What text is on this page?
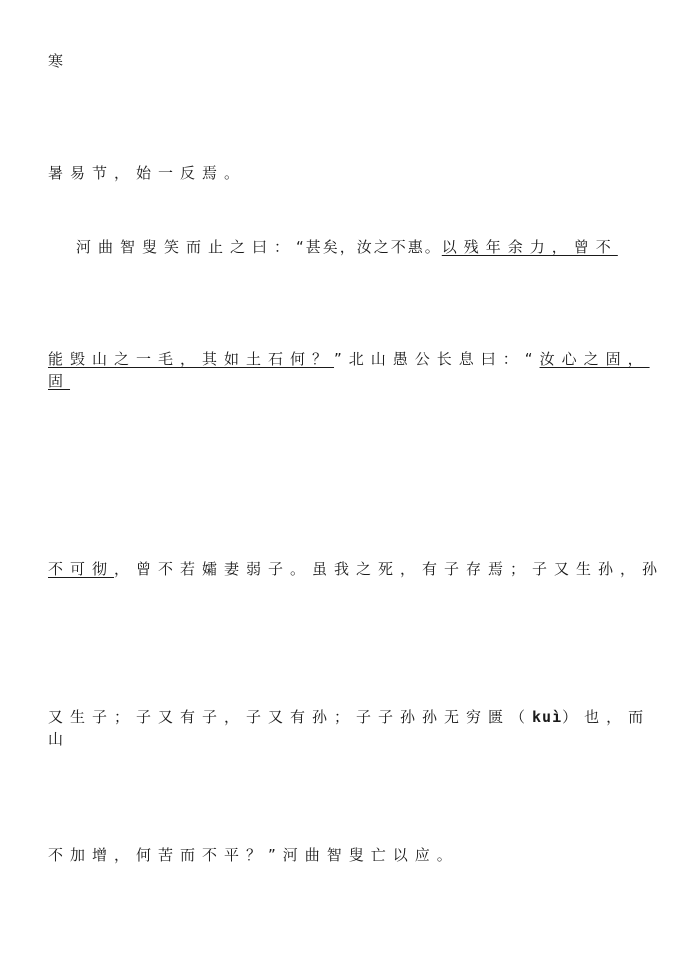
寒
暑易节，始一反焉。
河曲智叟笑而止之曰：“甚矣，汝之不惠。以残年余力，曾不
能毁山之一毛，其如土石何？”北山愚公长息曰：“汝心之固，
固
不可彻，曾不若孀妻弱子。虽我之死，有子存焉；子又生孙，孙
又生子；子又有子，子又有孙；子子孙孙无穷匮（kuì）也，而
山
不加增，何苦而不平？”河曲智叟亡以应。
